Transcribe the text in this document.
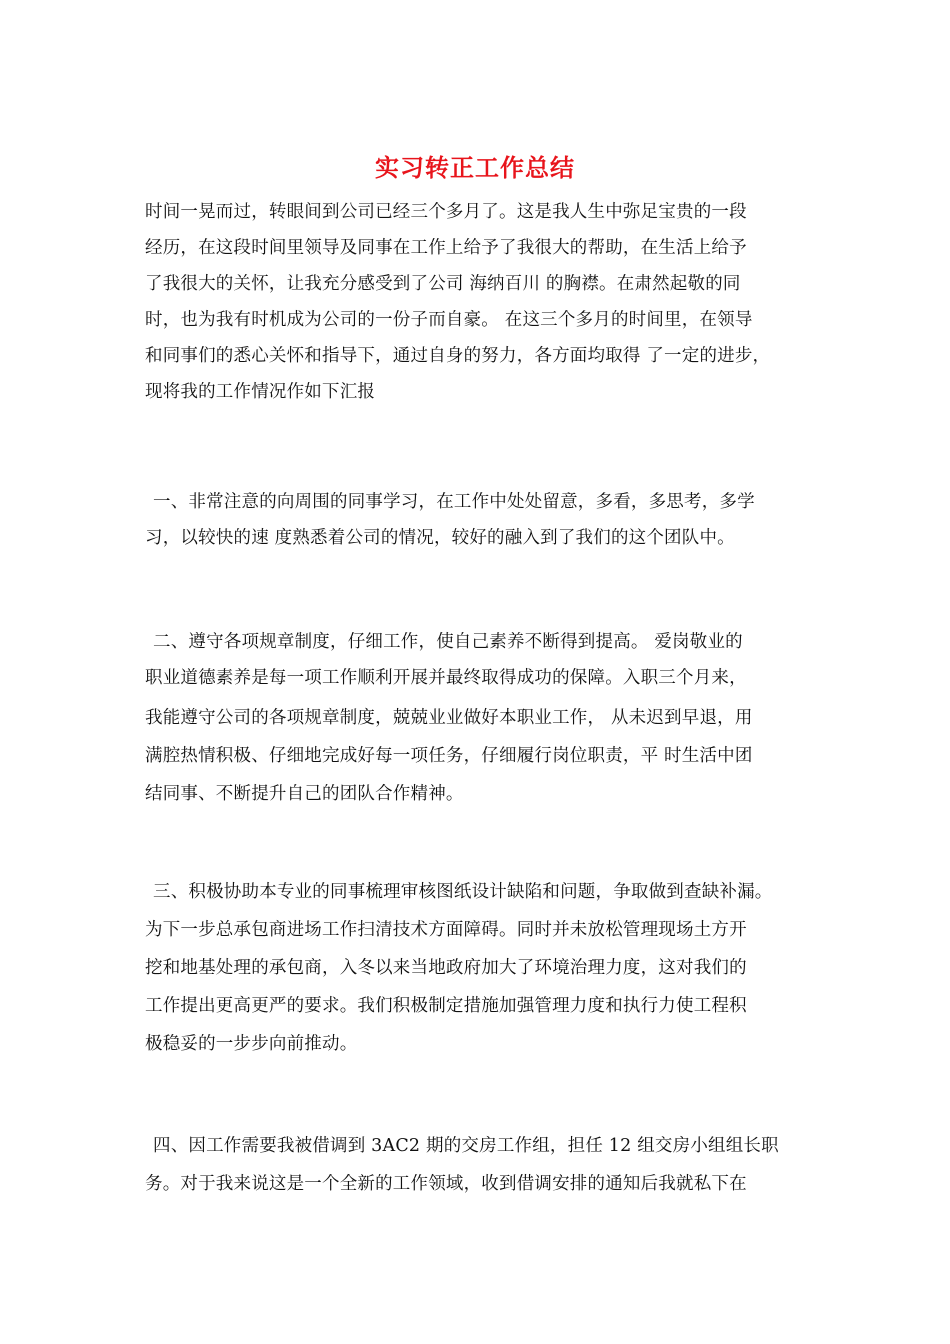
实习转正工作总结
时间一晃而过，转眼间到公司已经三个多月了。这是我人生中弥足宝贵的一段
经历，在这段时间里领导及同事在工作上给予了我很大的帮助，在生活上给予
了我很大的关怀，让我充分感受到了公司 海纳百川 的胸襟。在肃然起敬的同
时，也为我有时机成为公司的一份子而自豪。 在这三个多月的时间里，在领导
和同事们的悉心关怀和指导下，通过自身的努力，各方面均取得 了一定的进步，
现将我的工作情况作如下汇报
一、非常注意的向周围的同事学习，在工作中处处留意，多看，多思考，多学
习，以较快的速 度熟悉着公司的情况，较好的融入到了我们的这个团队中。
二、遵守各项规章制度，仔细工作，使自己素养不断得到提高。 爱岗敬业的
职业道德素养是每一项工作顺利开展并最终取得成功的保障。入职三个月来，
我能遵守公司的各项规章制度，兢兢业业做好本职业工作， 从未迟到早退，用
满腔热情积极、仔细地完成好每一项任务，仔细履行岗位职责，平 时生活中团
结同事、不断提升自己的团队合作精神。
三、积极协助本专业的同事梳理审核图纸设计缺陷和问题，争取做到查缺补漏。
为下一步总承包商进场工作扫清技术方面障碍。同时并未放松管理现场土方开
挖和地基处理的承包商，入冬以来当地政府加大了环境治理力度，这对我们的
工作提出更高更严的要求。我们积极制定措施加强管理力度和执行力使工程积
极稳妥的一步步向前推动。
四、因工作需要我被借调到 3AC2 期的交房工作组，担任 12 组交房小组组长职
务。对于我来说这是一个全新的工作领域，收到借调安排的通知后我就私下在
